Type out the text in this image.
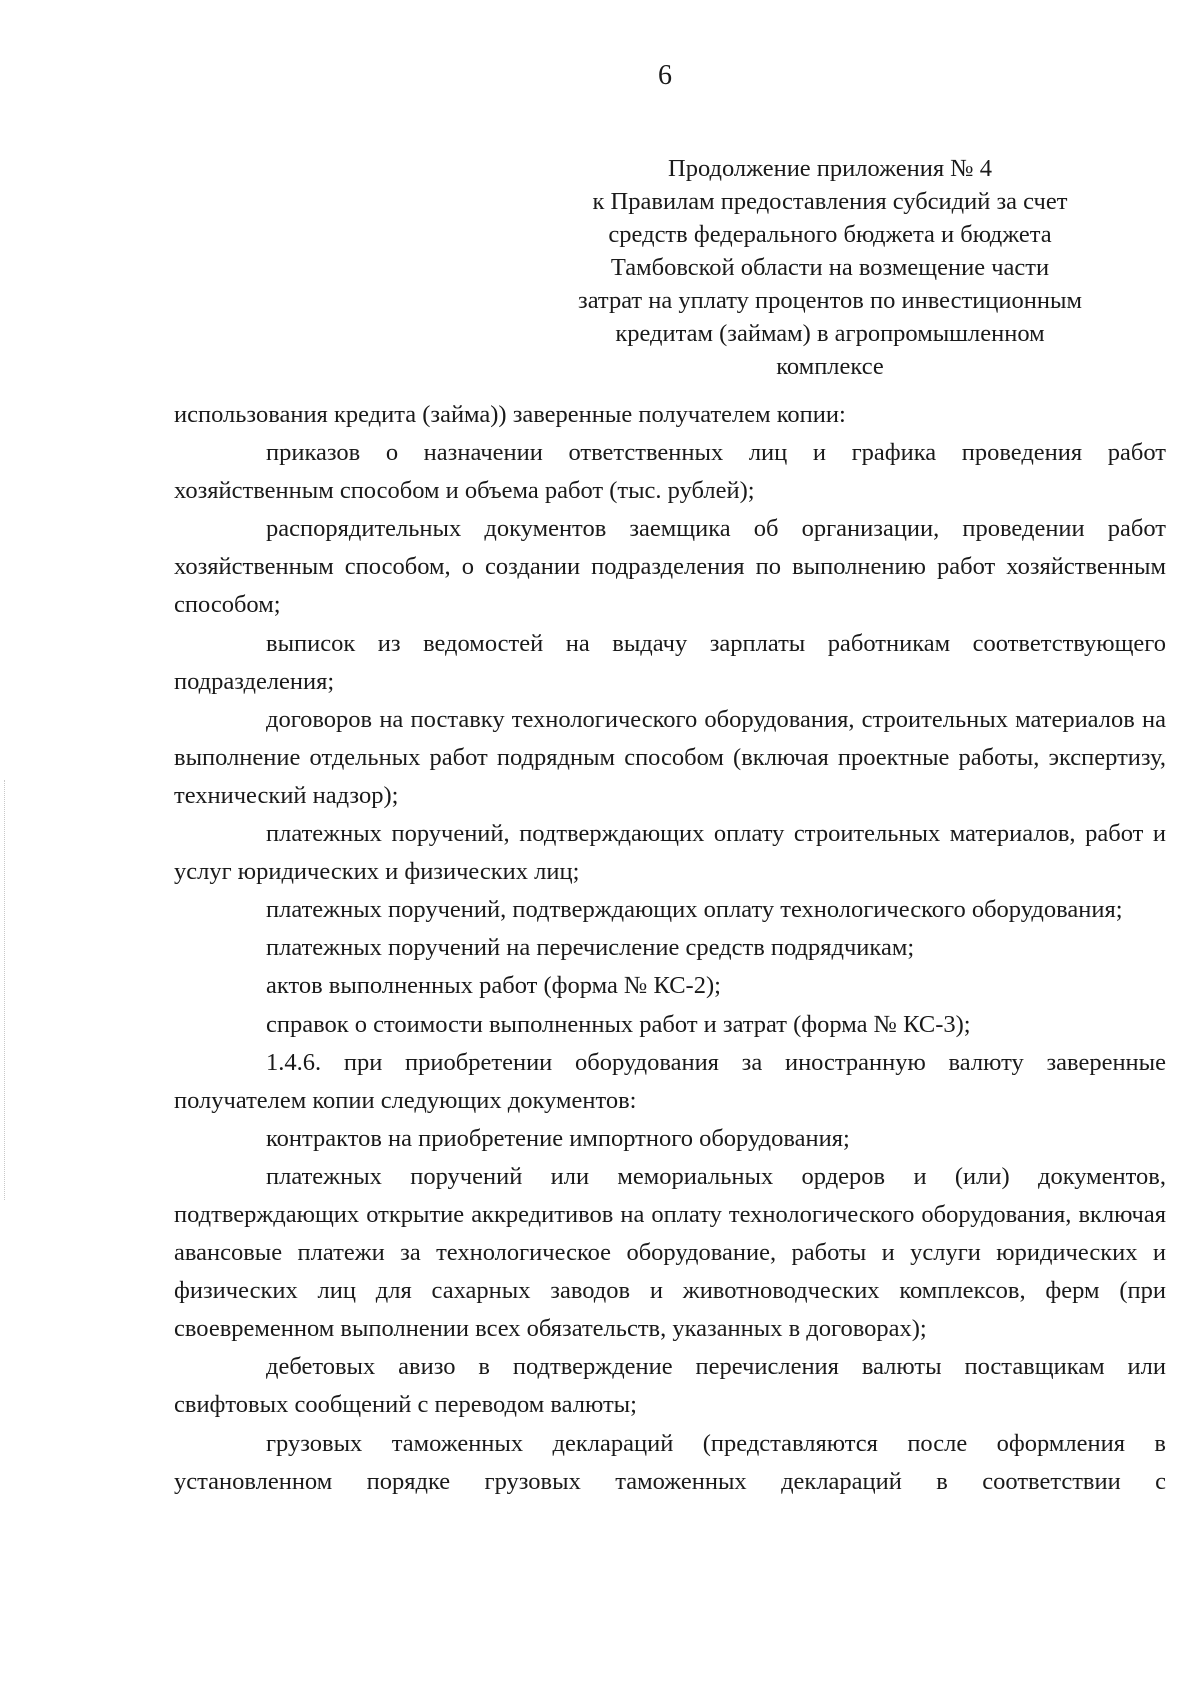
6
Продолжение приложения № 4
к Правилам предоставления субсидий за счет
средств федерального бюджета и бюджета
Тамбовской области на возмещение части
затрат на уплату процентов по инвестиционным
кредитам (займам) в агропромышленном
комплексе

использования кредита (займа)) заверенные получателем копии:

приказов о назначении ответственных лиц и графика проведения работ хозяйственным способом и объема работ (тыс. рублей);

распорядительных документов заемщика об организации, проведении работ хозяйственным способом, о создании подразделения по выполнению работ хозяйственным способом;

выписок из ведомостей на выдачу зарплаты работникам соответствующего подразделения;

договоров на поставку технологического оборудования, строительных материалов на выполнение отдельных работ подрядным способом (включая проектные работы, экспертизу, технический надзор);

платежных поручений, подтверждающих оплату строительных материалов, работ и услуг юридических и физических лиц;

платежных поручений, подтверждающих оплату технологического оборудования;

платежных поручений на перечисление средств подрядчикам;

актов выполненных работ (форма № КС-2);

справок о стоимости выполненных работ и затрат (форма № КС-3);

1.4.6. при приобретении оборудования за иностранную валюту заверенные получателем копии следующих документов:

контрактов на приобретение импортного оборудования;

платежных поручений или мемориальных ордеров и (или) документов, подтверждающих открытие аккредитивов на оплату технологического оборудования, включая авансовые платежи за технологическое оборудование, работы и услуги юридических и физических лиц для сахарных заводов и животноводческих комплексов, ферм (при своевременном выполнении всех обязательств, указанных в договорах);

дебетовых авизо в подтверждение перечисления валюты поставщикам или свифтовых сообщений с переводом валюты;

грузовых таможенных деклараций (представляются после оформления в установленном порядке грузовых таможенных деклараций в соответствии с
